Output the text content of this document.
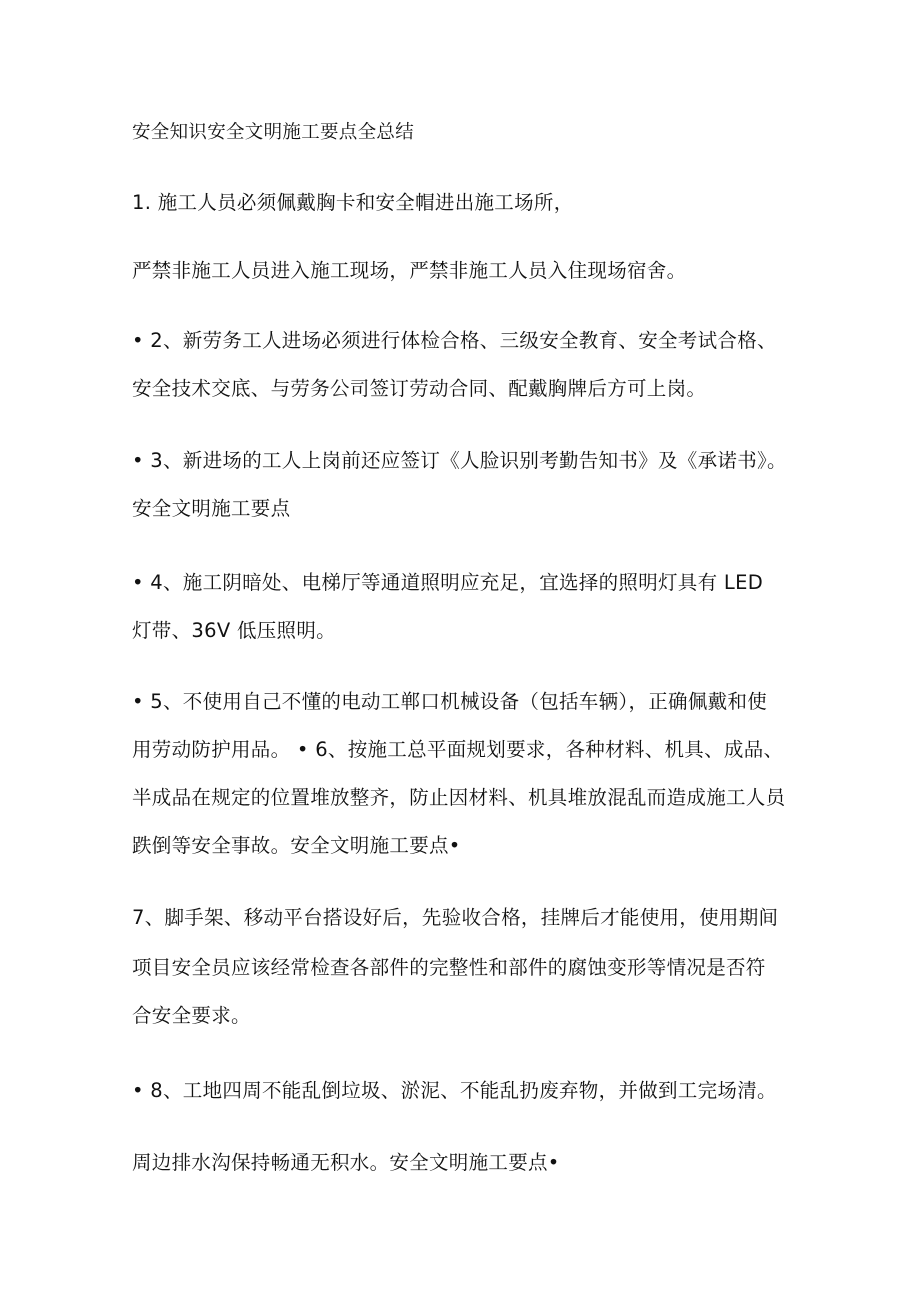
安全知识安全文明施工要点全总结
1. 施工人员必须佩戴胸卡和安全帽进出施工场所，
严禁非施工人员进入施工现场，严禁非施工人员入住现场宿舍。
• 2、新劳务工人进场必须进行体检合格、三级安全教育、安全考试合格、
安全技术交底、与劳务公司签订劳动合同、配戴胸牌后方可上岗。
• 3、新进场的工人上岗前还应签订《人脸识别考勤告知书》及《承诺书》。
安全文明施工要点
• 4、施工阴暗处、电梯厅等通道照明应充足，宜选择的照明灯具有 LED
灯带、36V 低压照明。
• 5、不使用自己不懂的电动工郸口机械设备（包括车辆），正确佩戴和使
用劳动防护用品。 • 6、按施工总平面规划要求，各种材料、机具、成品、
半成品在规定的位置堆放整齐，防止因材料、机具堆放混乱而造成施工人员
跌倒等安全事故。安全文明施工要点•
7、脚手架、移动平台搭设好后，先验收合格，挂牌后才能使用，使用期间
项目安全员应该经常检查各部件的完整性和部件的腐蚀变形等情况是否符
合安全要求。
• 8、工地四周不能乱倒垃圾、淤泥、不能乱扔废弃物，并做到工完场清。
周边排水沟保持畅通无积水。安全文明施工要点•
